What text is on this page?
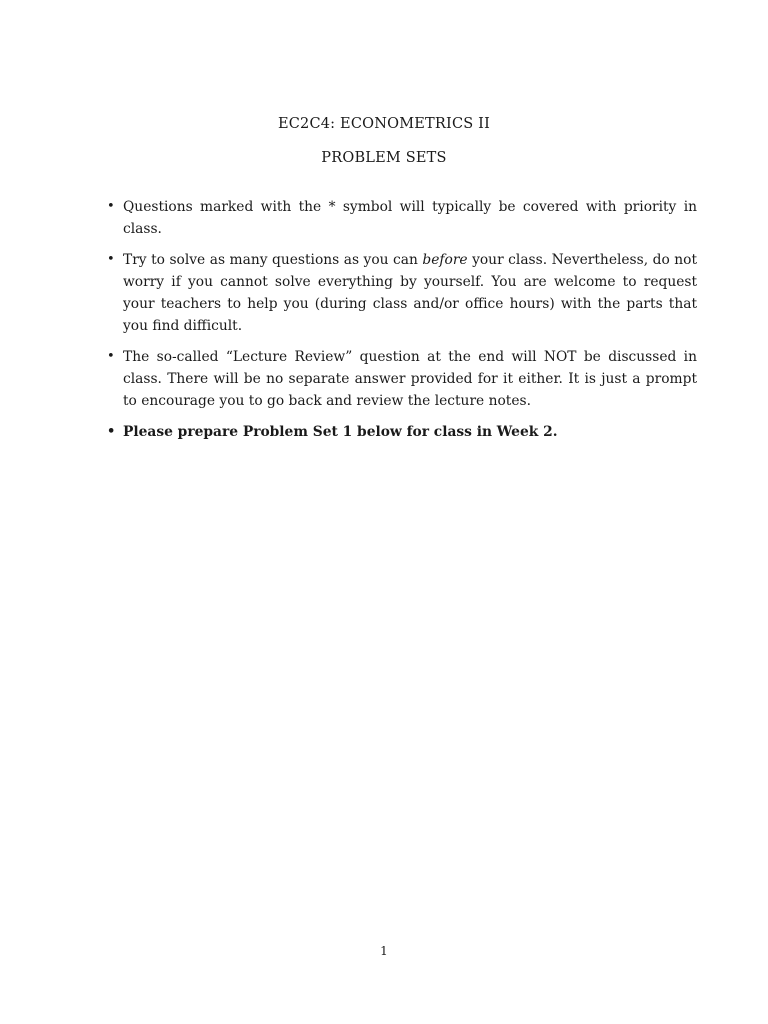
EC2C4: ECONOMETRICS II
PROBLEM SETS
• Questions marked with the * symbol will typically be covered with priority in class.
• Try to solve as many questions as you can before your class. Nevertheless, do not worry if you cannot solve everything by yourself. You are welcome to request your teachers to help you (during class and/or office hours) with the parts that you find difficult.
• The so-called “Lecture Review” question at the end will NOT be discussed in class. There will be no separate answer provided for it either. It is just a prompt to encourage you to go back and review the lecture notes.
• Please prepare Problem Set 1 below for class in Week 2.
1
